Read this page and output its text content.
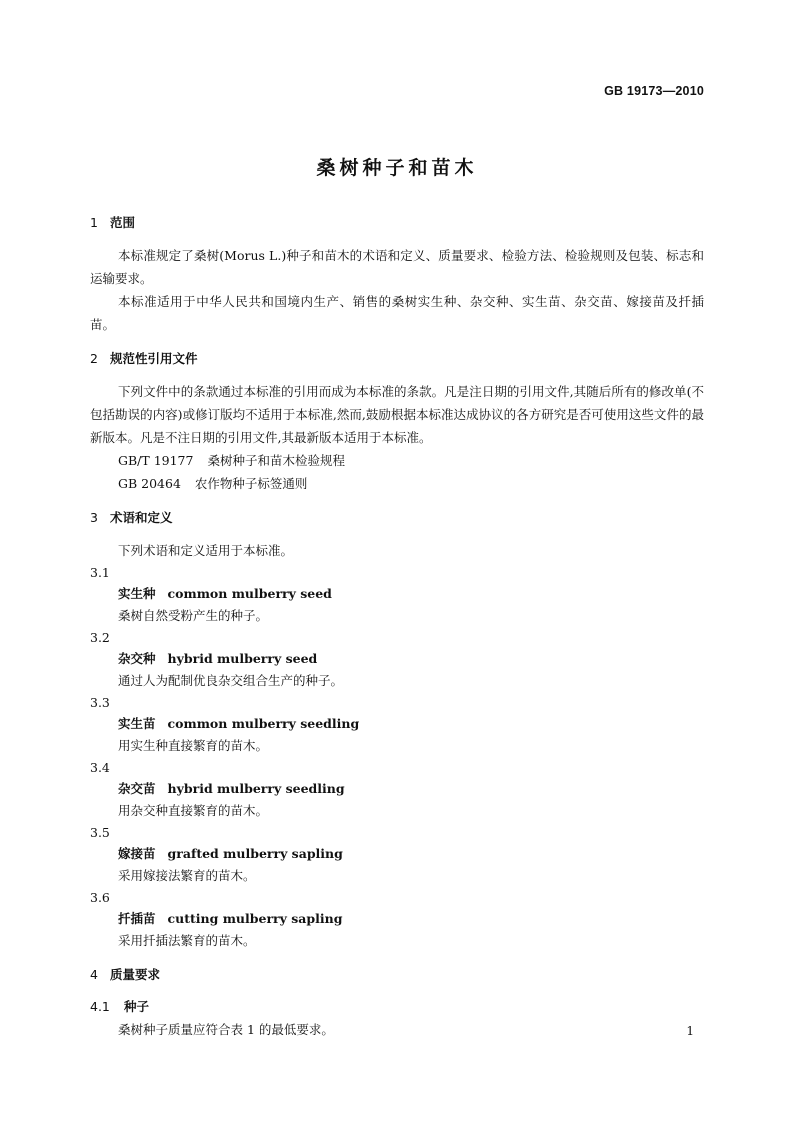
GB 19173—2010
桑树种子和苗木
1 范围

本标准规定了桑树(Morus L.)种子和苗木的术语和定义、质量要求、检验方法、检验规则及包装、标志和运输要求。

本标准适用于中华人民共和国境内生产、销售的桑树实生种、杂交种、实生苗、杂交苗、嫁接苗及扦插苗。

2 规范性引用文件

下列文件中的条款通过本标准的引用而成为本标准的条款。凡是注日期的引用文件,其随后所有的修改单(不包括勘误的内容)或修订版均不适用于本标准,然而,鼓励根据本标准达成协议的各方研究是否可使用这些文件的最新版本。凡是不注日期的引用文件,其最新版本适用于本标准。

GB/T 19177 桑树种子和苗木检验规程

GB 20464 农作物种子标签通则

3 术语和定义

下列术语和定义适用于本标准。

3.1

实生种 common mulberry seed

桑树自然受粉产生的种子。

3.2

杂交种 hybrid mulberry seed

通过人为配制优良杂交组合生产的种子。

3.3

实生苗 common mulberry seedling

用实生种直接繁育的苗木。

3.4

杂交苗 hybrid mulberry seedling

用杂交种直接繁育的苗木。

3.5

嫁接苗 grafted mulberry sapling

采用嫁接法繁育的苗木。

3.6

扦插苗 cutting mulberry sapling

采用扦插法繁育的苗木。

4 质量要求
4.1 种子

桑树种子质量应符合表 1 的最低要求。	1
